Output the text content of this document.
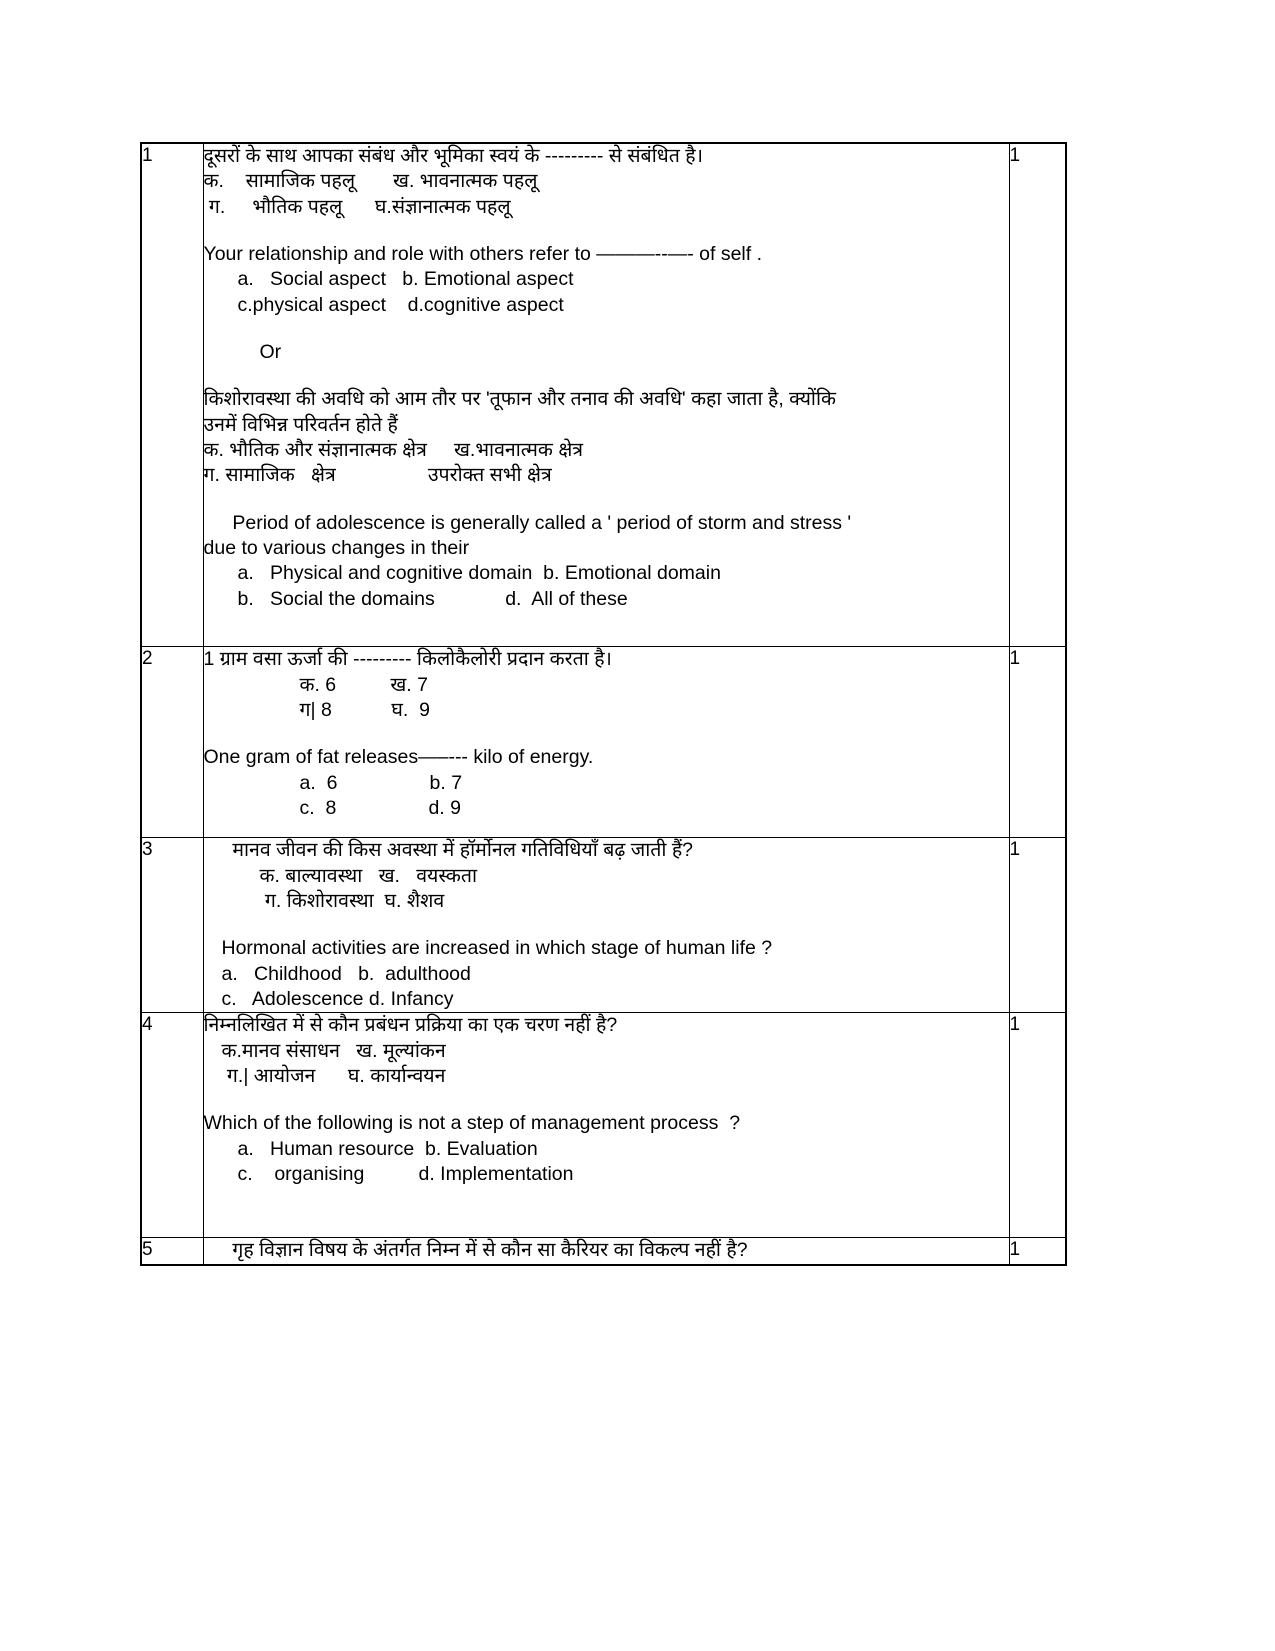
1	दूसरों के साथ आपका संबंध और भूमिका स्वयं के --------- से संबंधित है।
क.    सामाजिक पहलू       ख. भावनात्मक पहलू
ग.     भौतिक पहलू      घ.संज्ञानात्मक पहलू
Your relationship and role with others refer to ———--—- of self .
a.   Social aspect   b. Emotional aspect
c.physical aspect    d.cognitive aspect
Or
किशोरावस्था की अवधि को आम तौर पर 'तूफान और तनाव की अवधि' कहा जाता है, क्योंकि
उनमें विभिन्न परिवर्तन होते हैं
क. भौतिक और संज्ञानात्मक क्षेत्र     ख.भावनात्मक क्षेत्र
ग. सामाजिक   क्षेत्र                 उपरोक्त सभी क्षेत्र
Period of adolescence is generally called a ' period of storm and stress '
due to various changes in their
a.   Physical and cognitive domain  b. Emotional domain
b.   Social the domains             d.  All of these
	1
2	1 ग्राम वसा ऊर्जा की --------- किलोकैलोरी प्रदान करता है।
क. 6          ख. 7
ग| 8           घ.  9
One gram of fat releases—–--- kilo of energy.
a.  6                 b. 7
c.  8                 d. 9
	1
3	मानव जीवन की किस अवस्था में हॉर्मोनल गतिविधियाँ बढ़ जाती हैं?
क. बाल्यावस्था   ख.   वयस्कता
ग. किशोरावस्था  घ. शैशव
Hormonal activities are increased in which stage of human life ?
a.   Childhood   b.  adulthood
c.   Adolescence d. Infancy
	1
4	निम्नलिखित में से कौन प्रबंधन प्रक्रिया का एक चरण नहीं है?
क.मानव संसाधन   ख. मूल्यांकन
ग.| आयोजन      घ. कार्यान्वयन
Which of the following is not a step of management process  ?
a.   Human resource  b. Evaluation
c.    organising          d. Implementation
	1
5	गृह विज्ञान विषय के अंतर्गत निम्न में से कौन सा कैरियर का विकल्प नहीं है?	1
